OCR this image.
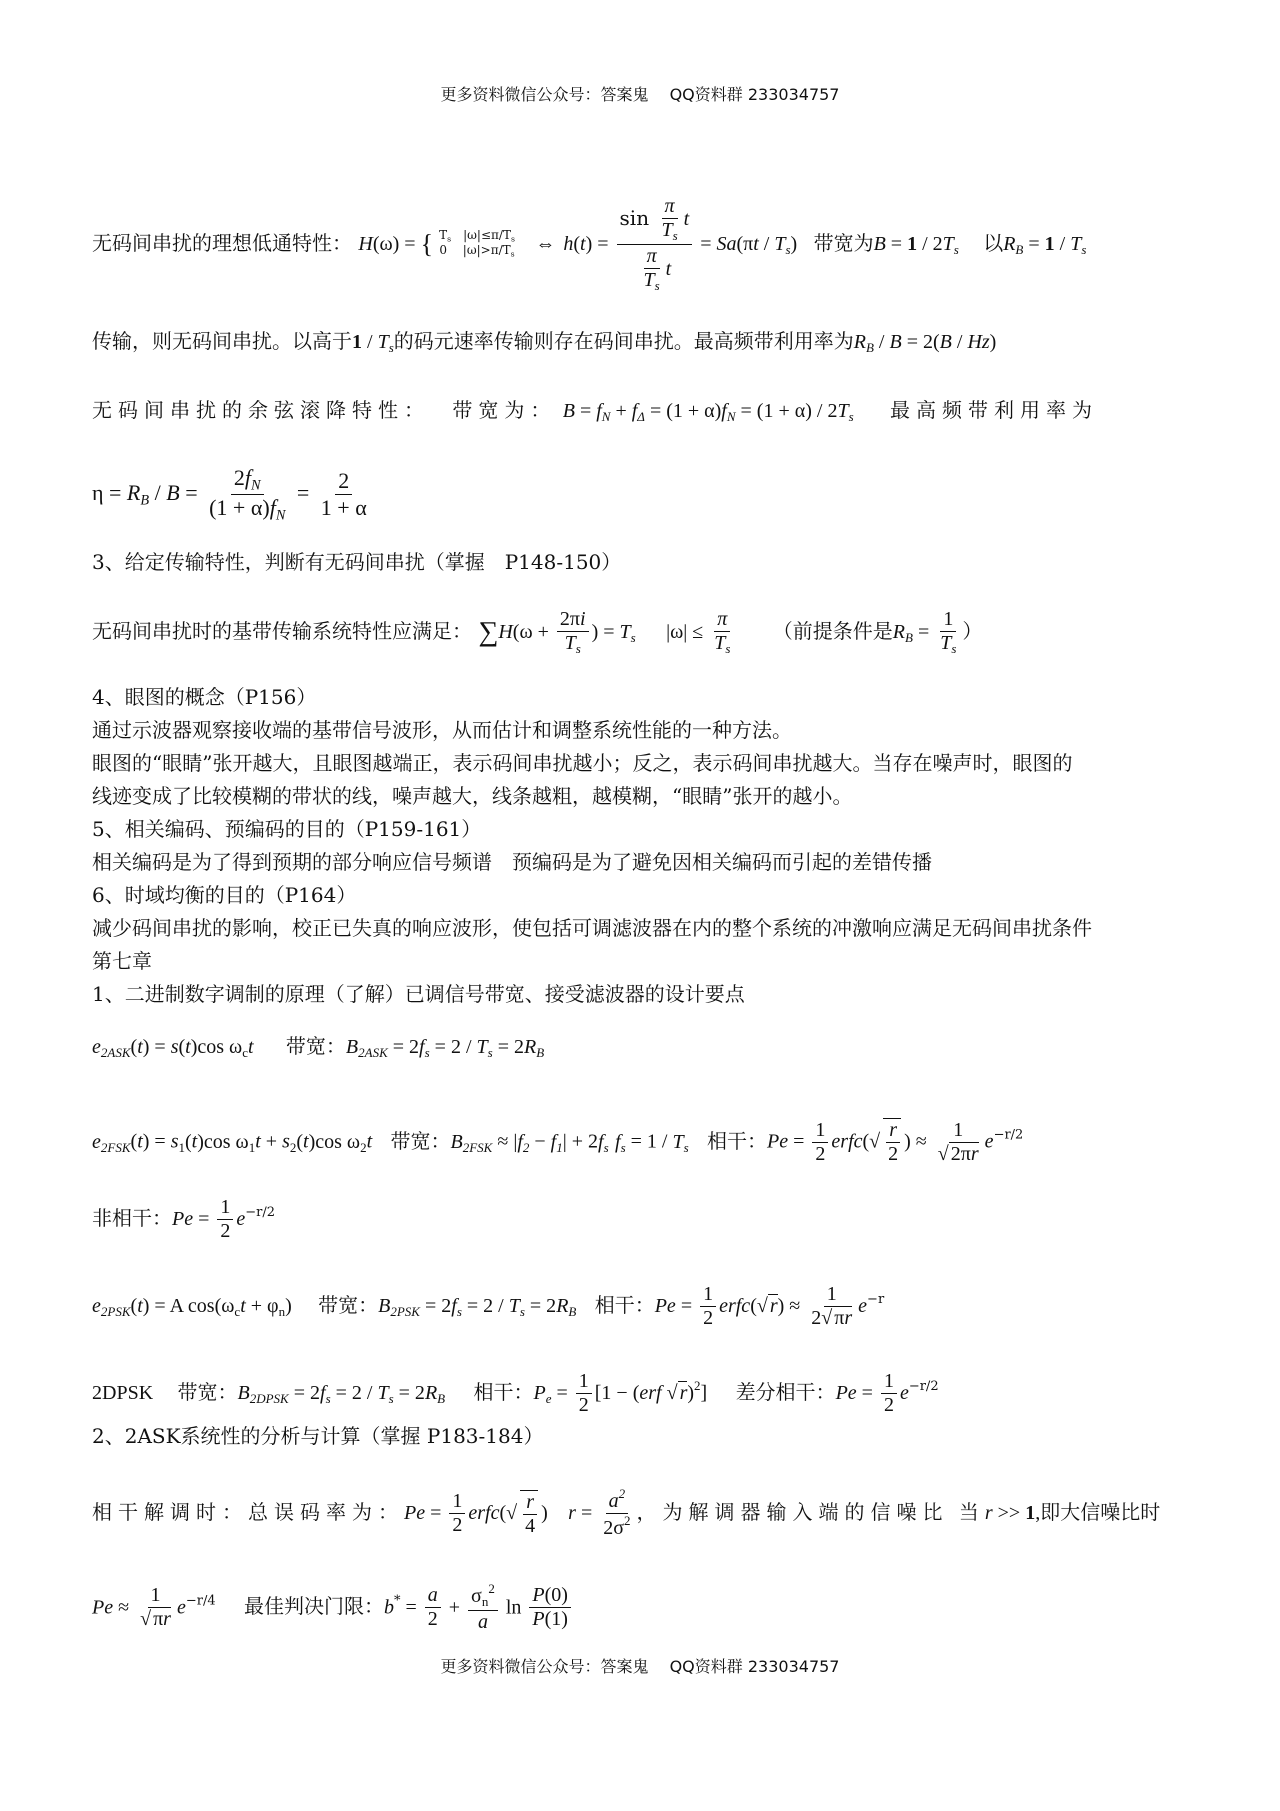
更多资料微信公众号：答案鬼　 QQ资料群 233034757
无码间串扰的理想低通特性： H(ω) = { $T_s$　$|\omega|\le\pi/T_s$
0　 $|\omega|>\pi/T_s$ ⇔ h(t) =
$\sin \frac{\pi}{T_s}$ t
$\frac{\pi}{T_s}$ t
= $Sa(\pi t / T_s)$ 带宽为$B = 1 / 2T_s$ 以$R_B = 1 / T_s$
传输，则无码间串扰。以高于$1 / T_s$的码元速率传输则存在码间串扰。最高频带利用率为$R_B / B = 2(B / Hz)$
无码间串扰的余弦滚降特性： 带宽为： $B = f_N + f_\Delta = (1 + \alpha)f_N = (1 + \alpha) / 2T_s$ 最高频带利用率为
$\eta = R_B / B = \frac{2f_N}{(1 + \alpha)f_N} = \frac{2}{1 + \alpha}$
3、给定传输特性，判断有无码间串扰（掌握　P148-150）
无码间串扰时的基带传输系统特性应满足： $\sum H(\omega + \frac{2\pi i}{T_s}$ ) = $T_s$ $|\omega| \le \frac{\pi}{T_s}$ （前提条件是$R_B = \frac{1}{T_s}$ ）
4、眼图的概念（P156）
通过示波器观察接收端的基带信号波形，从而估计和调整系统性能的一种方法。
眼图的“眼睛”张开越大，且眼图越端正，表示码间串扰越小；反之，表示码间串扰越大。当存在噪声时，眼图的
线迹变成了比较模糊的带状的线，噪声越大，线条越粗，越模糊，“眼睛”张开的越小。
5、相关编码、预编码的目的（P159-161）
相关编码是为了得到预期的部分响应信号频谱　预编码是为了避免因相关编码而引起的差错传播
6、时域均衡的目的（P164）
减少码间串扰的影响，校正已失真的响应波形，使包括可调滤波器在内的整个系统的冲激响应满足无码间串扰条件
第七章
1、二进制数字调制的原理（了解）已调信号带宽、接受滤波器的设计要点
$e_{2ASK}(t) = s(t)\cos$ $\omega_ct$ 带宽：$B_{2ASK} = 2f_s = 2 / T_s = 2R_B$
$e_{2FSK}(t) = s_1(t)\cos$ $\omega_1t + s_2(t)\cos$ $\omega_2t$ 带宽：$B_{2FSK} \approx |f_2 - f_1| + 2f_s$ $f_s = 1 / T_s$ 相干：$Pe = \frac{1}{2}$ erfc(√ $\frac{r}{2}$ ) ≈ $\frac{1}{√ 2\pi r} e^{-r/2}$
非相干：$Pe = \frac{1}{2} e^{-r/2}$
$e_{2PSK}(t) = A$ $\cos(\omega_ct + \varphi_n)$ 带宽：$B_{2PSK} = 2f_s = 2 / T_s = 2R_B$ 相干：$Pe = \frac{1}{2}$ erfc(√ $r) \approx \frac{1}{2√ \pi r} e^{-r}$
2DPSK 带宽：$B_{2DPSK} = 2f_s = 2 / T_s = 2R_B$ 相干：$P_e = \frac{1}{2} [1 - (erf$ √ r)$^2$] 差分相干：$Pe = \frac{1}{2} e^{-r/2}$
2、2ASK系统性的分析与计算（掌握 P183-184）
相干解调时：总误码率为：$Pe = \frac{1}{2}$ erfc(√ $\frac{r}{4}$ ) $r = \frac{a^2}{2\sigma^2}$ ，为解调器输入端的信噪比 当r >> 1,即大信噪比时
$Pe \approx \frac{1}{√ \pi r} e^{-r/4}$ 最佳判决门限：$b^* = \frac{a}{2} + \frac{\sigma_n^2}{a}$ $\ln \frac{P(0)}{P(1)}$
更多资料微信公众号：答案鬼　 QQ资料群 233034757
